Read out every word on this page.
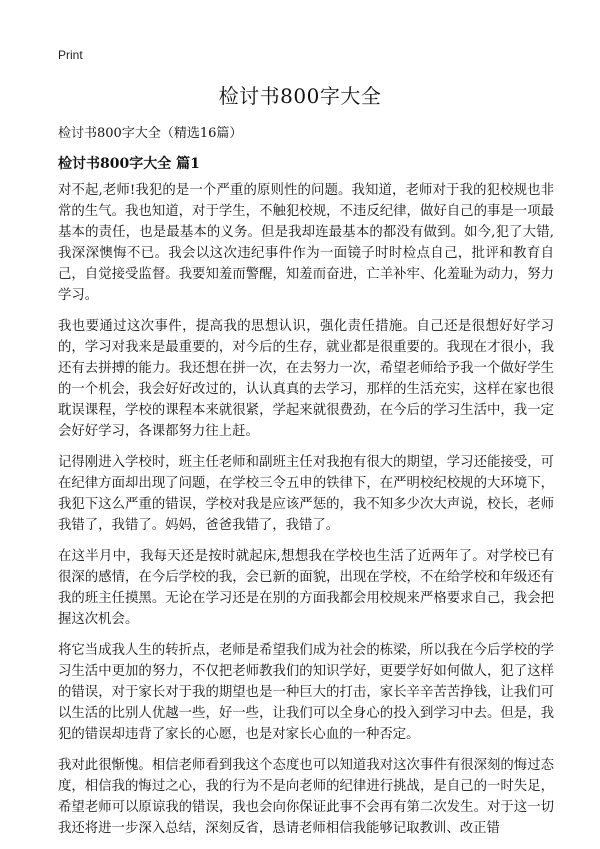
Print
检讨书800字大全

检讨书800字大全（精选16篇）

检讨书800字大全 篇1

对不起,老师!我犯的是一个严重的原则性的问题。我知道，老师对于我的犯校规也非常的生气。我也知道，对于学生，不触犯校规，不违反纪律，做好自己的事是一项最基本的责任，也是最基本的义务。但是我却连最基本的都没有做到。如今,犯了大错,我深深懊悔不已。我会以这次违纪事件作为一面镜子时时检点自己，批评和教育自己，自觉接受监督。我要知羞而警醒，知羞而奋进，亡羊补牢、化羞耻为动力，努力学习。

我也要通过这次事件，提高我的思想认识，强化责任措施。自己还是很想好好学习的，学习对我来是最重要的，对今后的生存，就业都是很重要的。我现在才很小，我还有去拼搏的能力。我还想在拼一次，在去努力一次，希望老师给予我一个做好学生的一个机会，我会好好改过的，认认真真的去学习，那样的生活充实，这样在家也很耽误课程，学校的课程本来就很紧，学起来就很费劲，在今后的学习生活中，我一定会好好学习，各课都努力往上赶。

记得刚进入学校时，班主任老师和副班主任对我抱有很大的期望，学习还能接受，可在纪律方面却出现了问题，在学校三令五申的铁律下，在严明校纪校规的大环境下，我犯下这么严重的错误，学校对我是应该严惩的，我不知多少次大声说，校长，老师我错了，我错了。妈妈，爸爸我错了，我错了。

在这半月中，我每天还是按时就起床,想想我在学校也生活了近两年了。对学校已有很深的感情，在今后学校的我，会已新的面貌，出现在学校，不在给学校和年级还有我的班主任摸黑。无论在学习还是在别的方面我都会用校规来严格要求自己，我会把握这次机会。

将它当成我人生的转折点，老师是希望我们成为社会的栋梁，所以我在今后学校的学习生活中更加的努力，不仅把老师教我们的知识学好，更要学好如何做人，犯了这样的错误，对于家长对于我的期望也是一种巨大的打击，家长辛辛苦苦挣钱，让我们可以生活的比别人优越一些，好一些，让我们可以全身心的投入到学习中去。但是，我犯的错误却违背了家长的心愿，也是对家长心血的一种否定。

我对此很惭愧。相信老师看到我这个态度也可以知道我对这次事件有很深刻的悔过态度，相信我的悔过之心，我的行为不是向老师的纪律进行挑战，是自己的一时失足，希望老师可以原谅我的错误，我也会向你保证此事不会再有第二次发生。对于这一切我还将进一步深入总结，深刻反省，恳请老师相信我能够记取教训、改正错
